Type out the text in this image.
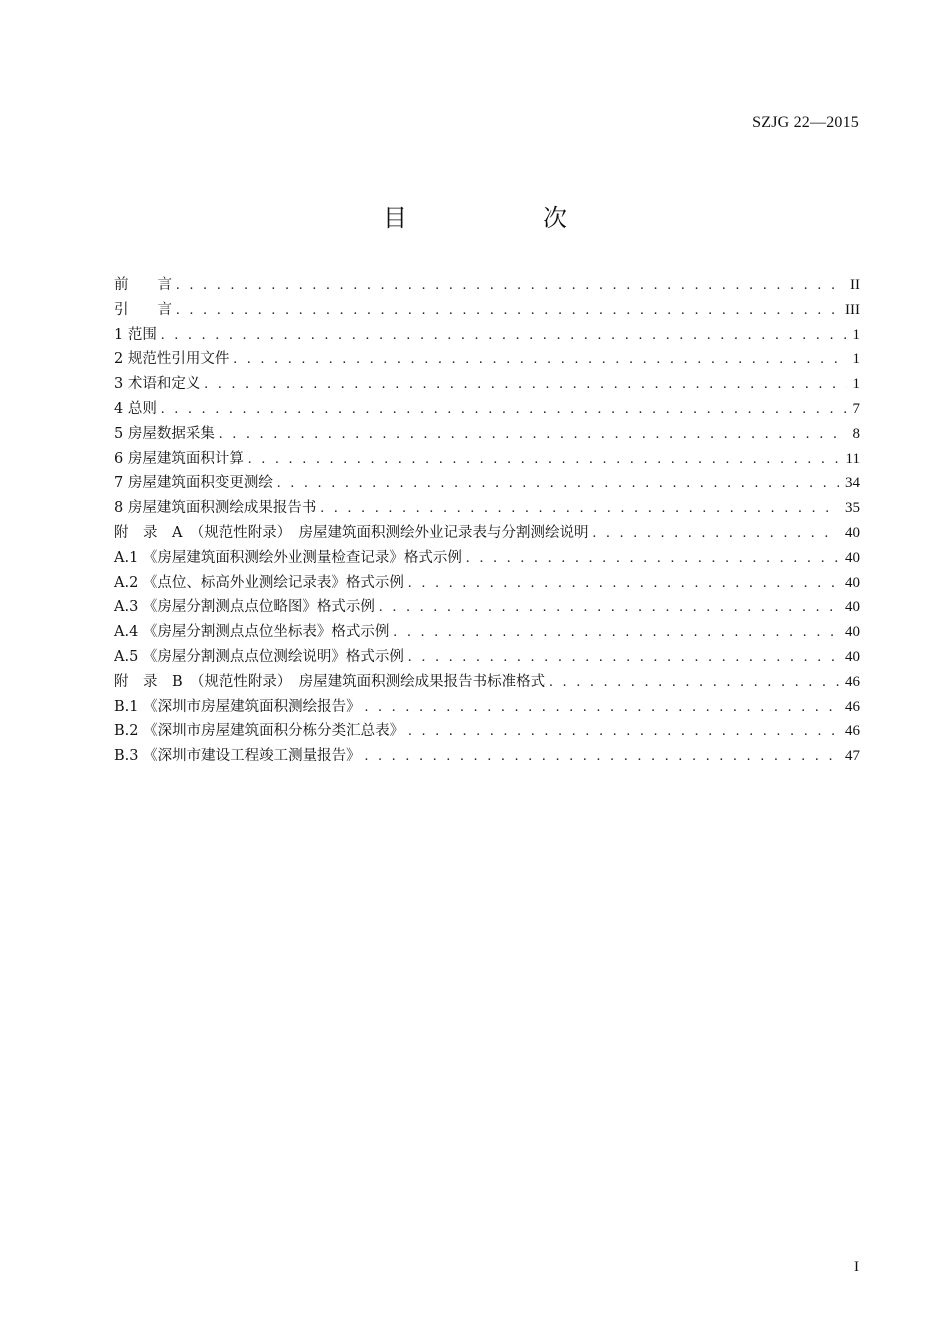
SZJG 22—2015
目　次
前　　言 . . .	II
引　　言 . . .	III
1 范围 . . .	1
2 规范性引用文件 . . .	1
3 术语和定义 . . .	1
4 总则 . . .	7
5 房屋数据采集 . . .	8
6 房屋建筑面积计算 . . .	11
7 房屋建筑面积变更测绘 . . .	34
8 房屋建筑面积测绘成果报告书 . . .	35
附　录　A　（规范性附录）　房屋建筑面积测绘外业记录表与分割测绘说明 . . .	40
A.1 《房屋建筑面积测绘外业测量检查记录》格式示例 . . .	40
A.2 《点位、标高外业测绘记录表》格式示例 . . .	40
A.3 《房屋分割测点点位略图》格式示例 . . .	40
A.4 《房屋分割测点点位坐标表》格式示例 . . .	40
A.5 《房屋分割测点点位测绘说明》格式示例 . . .	40
附　录　B　（规范性附录）　房屋建筑面积测绘成果报告书标准格式 . . .	46
B.1 《深圳市房屋建筑面积测绘报告》 . . .	46
B.2 《深圳市房屋建筑面积分栋分类汇总表》 . . .	46
B.3 《深圳市建设工程竣工测量报告》 . . .	47
I
